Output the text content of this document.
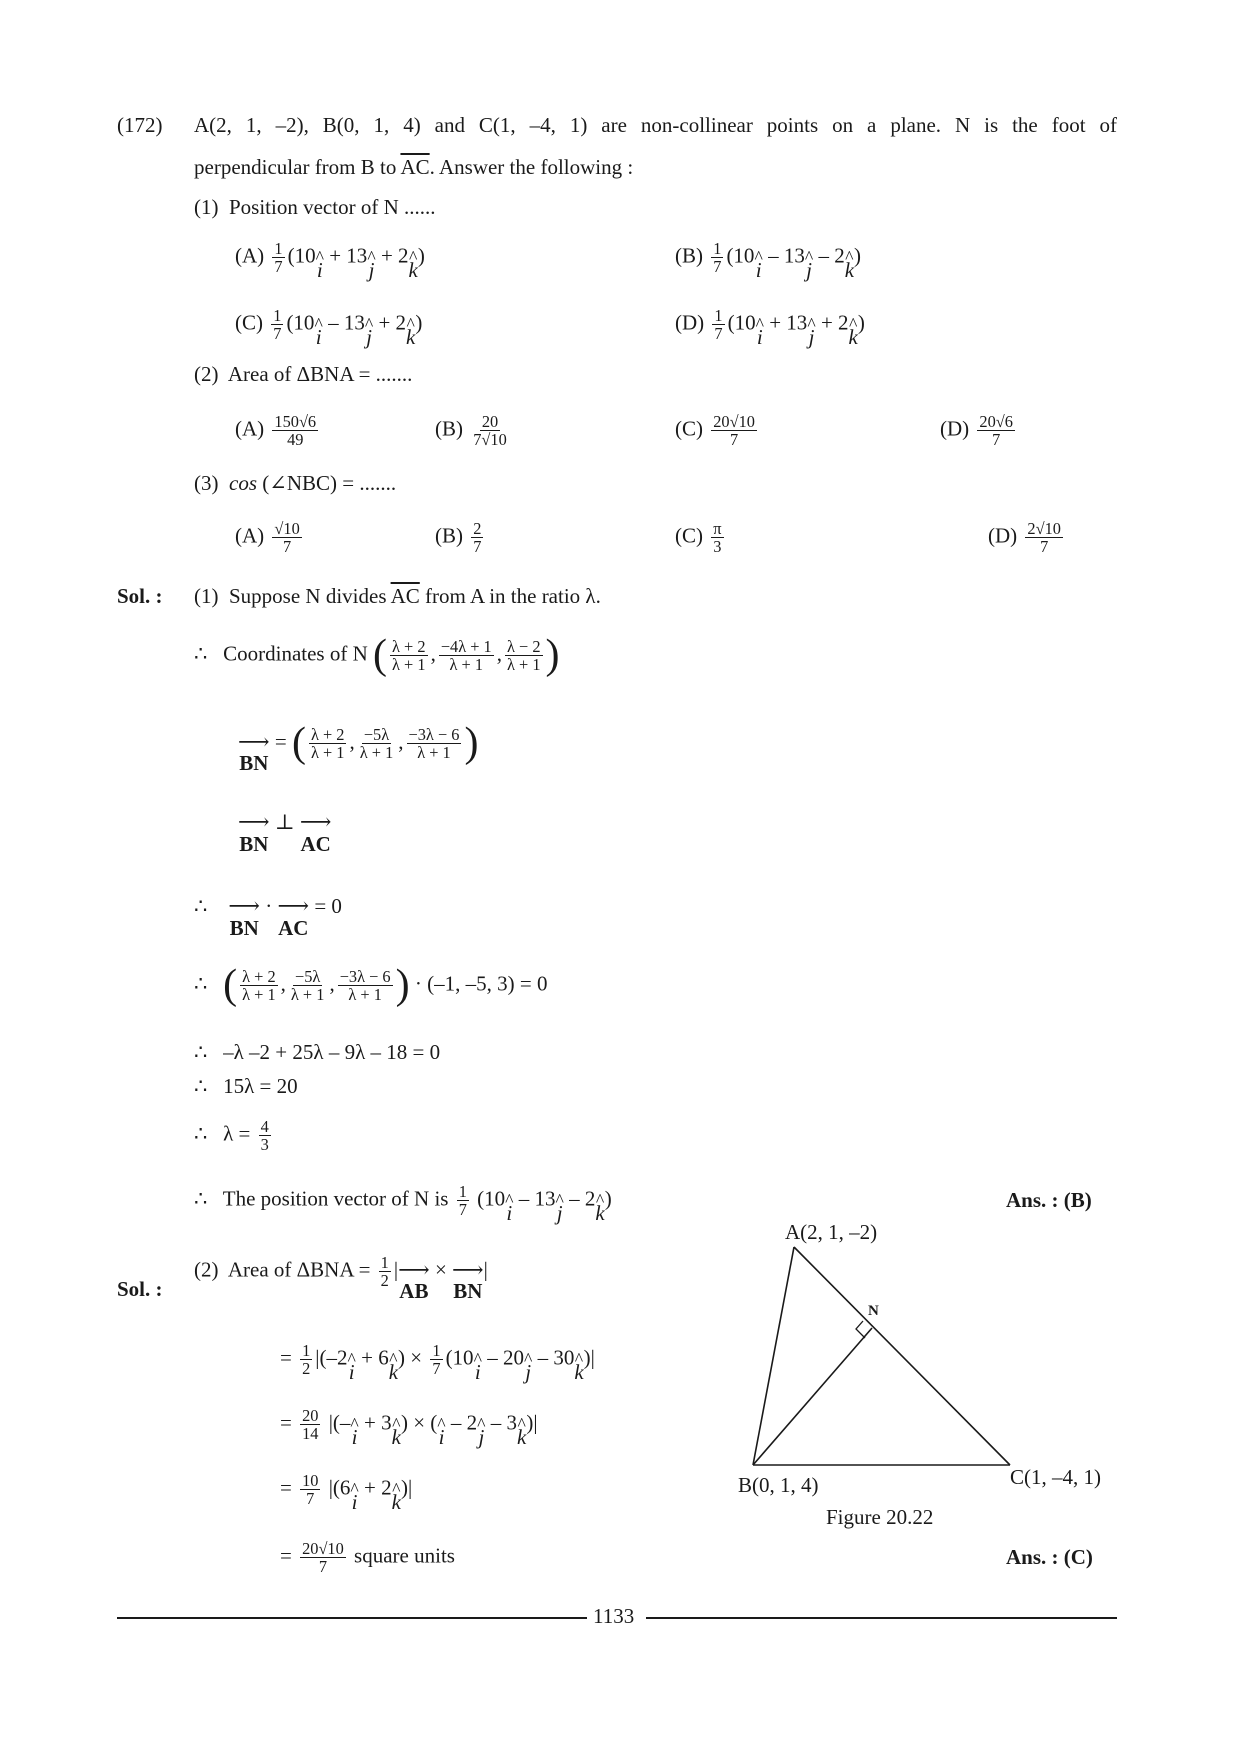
(172) A(2, 1, –2), B(0, 1, 4) and C(1, –4, 1) are non-collinear points on a plane. N is the foot of
perpendicular from B to $\overline{AC}$. Answer the following :
(1) Position vector of N ......
$(A) \frac{1}{7} (10$
^ i
+ 13
^ j
+ 2
^ k
)	$(B) \frac{1}{7} (10$
^ i
– 13
^ j
– 2
^ k
)
$(C) \frac{1}{7} (10$
^ i
– 13
^ j
+ 2
^ k
)	$(D) \frac{1}{7} (10$
^ i
+ 13
^ j
+ 2
^ k
)
(2) Area of ΔBNA = .......
$(A) \frac{150√6}{49}$	$(B) \frac{20}{7√10}$	$(C) \frac{20√10}{7}$	$(D) \frac{20√6}{7}$
(3) cos (∠NBC) = .......
$(A) \frac{√10}{7}$	$(B) \frac{2}{7}$	$(C) \frac{\pi}{3}$	$(D) \frac{2√10}{7}$
Sol. : (1) Suppose N divides $\overline{AC}$ from A in the ratio λ.
∴ Coordinates of N ( $\frac{\lambda + 2}{\lambda + 1}$ , $\frac{-4\lambda + 1}{\lambda + 1}$ , $\frac{\lambda - 2}{\lambda + 1}$ )
⟶ BN
= ( $\frac{\lambda + 2}{\lambda + 1}$ , $\frac{-5\lambda}{\lambda + 1}$ , $\frac{-3\lambda - 6}{\lambda + 1}$ )
⟶ BN
⊥
⟶ AC
∴
⟶ BN
·
⟶ AC
= 0
∴ ( $\frac{\lambda + 2}{\lambda + 1}$ , $\frac{-5\lambda}{\lambda + 1}$ , $\frac{-3\lambda - 6}{\lambda + 1}$ ) · (–1, –5, 3) = 0
∴ –λ –2 + 25λ – 9λ – 18 = 0
∴ 15λ = 20
∴ $\lambda = \frac{4}{3}$
∴ The position vector of N is $\frac{1}{7} (10$
^ i
– 13
^ j
– 2
^ k
)	Ans. : (B)
Sol. :
(2) Area of $\Delta BNA = \frac{1}{2}$ |
⟶ AB
×
⟶ BN
|
= $\frac{1}{2} |(-2$
^ i
+ 6
^ k
) × $\frac{1}{7} (10$
^ i
– 20
^ j
– 30
^ k
)|
= $\frac{20}{14}$ |(–
^ i
+ 3
^ k
) × (
^ i
– 2
^ j
– 3
^ k
)|
= $\frac{10}{7} |(6$
^ i
+ 2
^ k
)|
= $\frac{20√10}{7}$ square units	Ans. : (C)
A(2, 1, –2)
N
B(0, 1, 4)	C(1, –4, 1)
Figure 20.22
1133
